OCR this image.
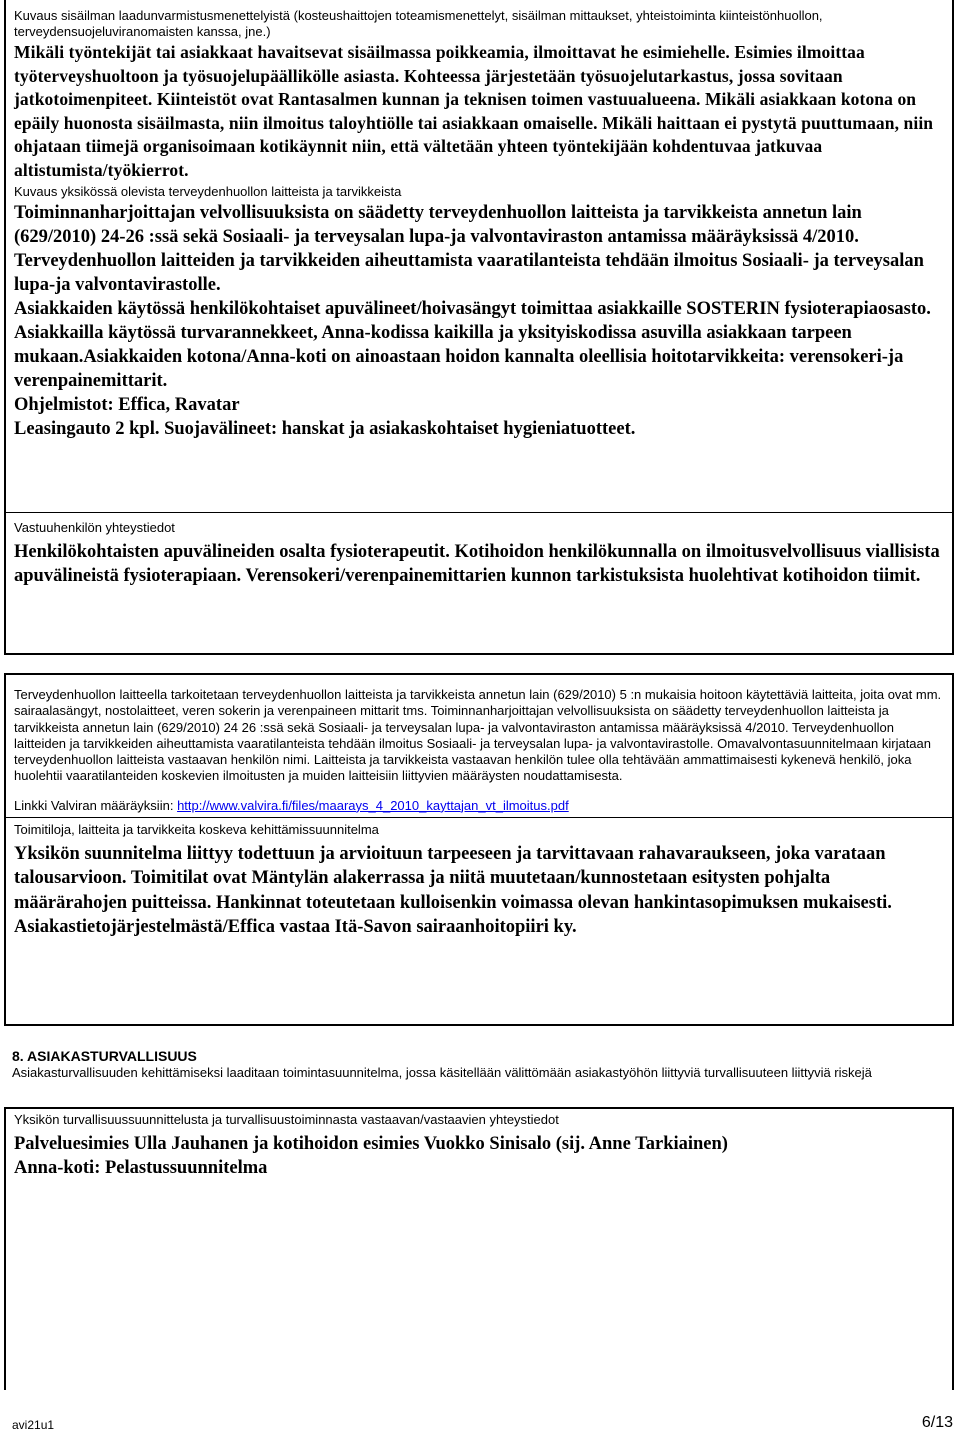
Kuvaus sisäilman laadunvarmistusmenettelyistä (kosteushaittojen toteamismenettelyt, sisäilman mittaukset, yhteistoiminta kiinteistönhuollon, terveydensuojeluviranomaisten kanssa, jne.)
Mikäli työntekijät tai asiakkaat havaitsevat sisäilmassa poikkeamia, ilmoittavat he esimiehelle. Esimies ilmoittaa työterveyshuoltoon ja työsuojelupäällikölle asiasta. Kohteessa järjestetään työsuojelutarkastus, jossa sovitaan jatkotoimenpiteet. Kiinteistöt ovat Rantasalmen kunnan ja teknisen toimen vastuualueena. Mikäli asiakkaan kotona on epäily huonosta sisäilmasta, niin ilmoitus taloyhtiölle tai asiakkaan omaiselle. Mikäli haittaan ei pystytä puuttumaan, niin ohjataan tiimejä organisoimaan kotikäynnit niin, että vältetään yhteen työntekijään kohdentuvaa jatkuvaa altistumista/työkierrot.
Kuvaus yksikössä olevista terveydenhuollon laitteista ja tarvikkeista
Toiminnanharjoittajan velvollisuuksista on säädetty terveydenhuollon laitteista ja tarvikkeista annetun lain (629/2010) 24-26 :ssä sekä Sosiaali- ja terveysalan lupa-ja valvontaviraston antamissa määräyksissä 4/2010. Terveydenhuollon laitteiden ja tarvikkeiden aiheuttamista vaaratilanteista tehdään ilmoitus Sosiaali- ja terveysalan lupa-ja valvontavirastolle.
Asiakkaiden käytössä henkilökohtaiset apuvälineet/hoivasängyt toimittaa asiakkaille SOSTERIN fysioterapiaosasto. Asiakkailla käytössä turvarannekkeet, Anna-kodissa kaikilla ja yksityiskodissa asuvilla asiakkaan tarpeen mukaan.Asiakkaiden kotona/Anna-koti on ainoastaan hoidon kannalta oleellisia hoitotarvikkeita: verensokeri-ja verenpainemittarit.
Ohjelmistot: Effica, Ravatar
Leasingauto 2 kpl. Suojavälineet: hanskat ja asiakaskohtaiset hygieniatuotteet.
Vastuuhenkilön yhteystiedot
Henkilökohtaisten apuvälineiden osalta fysioterapeutit. Kotihoidon henkilökunnalla on ilmoitusvelvollisuus viallisista apuvälineistä fysioterapiaan. Verensokeri/verenpainemittarien kunnon tarkistuksista huolehtivat kotihoidon tiimit.
Terveydenhuollon laitteella tarkoitetaan terveydenhuollon laitteista ja tarvikkeista annetun lain (629/2010) 5 :n mukaisia hoitoon käytettäviä laitteita, joita ovat mm. sairaalasängyt, nostolaitteet, veren sokerin ja verenpaineen mittarit tms. Toiminnanharjoittajan velvollisuuksista on säädetty terveydenhuollon laitteista ja tarvikkeista annetun lain (629/2010) 24 26 :ssä sekä Sosiaali- ja terveysalan lupa- ja valvontaviraston antamissa määräyksissä 4/2010. Terveydenhuollon laitteiden ja tarvikkeiden aiheuttamista vaaratilanteista tehdään ilmoitus Sosiaali- ja terveysalan lupa- ja valvontavirastolle. Omavalvontasuunnitelmaan kirjataan terveydenhuollon laitteista vastaavan henkilön nimi. Laitteista ja tarvikkeista vastaavan henkilön tulee olla tehtävään ammattimaisesti kykenevä henkilö, joka huolehtii vaaratilanteiden koskevien ilmoitusten ja muiden laitteisiin liittyvien määräysten noudattamisesta.
Linkki Valviran määräyksiin: http://www.valvira.fi/files/maarays_4_2010_kayttajan_vt_ilmoitus.pdf
Toimitiloja, laitteita ja tarvikkeita koskeva kehittämissuunnitelma
Yksikön suunnitelma liittyy todettuun ja arvioituun tarpeeseen ja tarvittavaan rahavaraukseen, joka varataan talousarvioon. Toimitilat ovat Mäntylän alakerrassa ja niitä muutetaan/kunnostetaan esitysten pohjalta määrärahojen puitteissa. Hankinnat toteutetaan kulloisenkin voimassa olevan hankintasopimuksen mukaisesti. Asiakastietojärjestelmästä/Effica vastaa Itä-Savon sairaanhoitopiiri ky.
8. ASIAKASTURVALLISUUS
Asiakasturvallisuuden kehittämiseksi laaditaan toimintasuunnitelma, jossa käsitellään välittömään asiakastyöhön liittyviä turvallisuuteen liittyviä riskejä
Yksikön turvallisuussuunnittelusta ja turvallisuustoiminnasta vastaavan/vastaavien yhteystiedot
Palveluesimies Ulla Jauhanen ja kotihoidon esimies Vuokko Sinisalo (sij. Anne Tarkiainen)
Anna-koti: Pelastussuunnitelma
avi21u1	6/13
